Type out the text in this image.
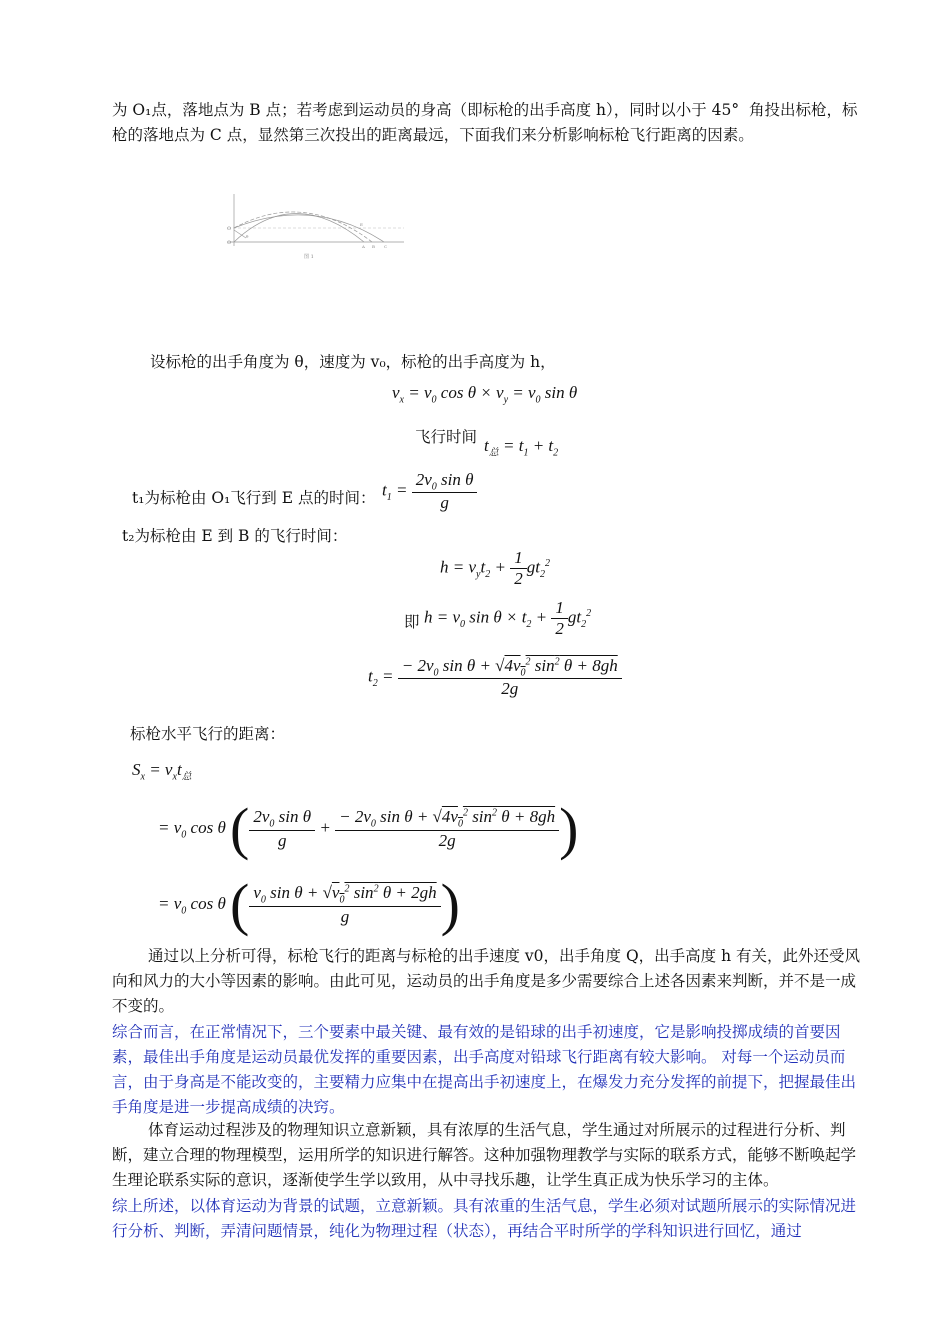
为 O₁点，落地点为 B 点；若考虑到运动员的身高（即标枪的出手高度 h），同时以小于 45°  角投出标枪，标枪的落地点为 C 点，显然第三次投出的距离最远，下面我们来分析影响标枪飞行距离的因素。

O
O
θ
E
A B C
图 1
设标枪的出手角度为 θ，速度为 v₀，标枪的出手高度为 h，
$v_x = v_0$ $\cos \theta \times v_y = v_0$ sin θ
飞行时间 $t_总 = t_1 + t_2$
t₁为标枪由 O₁飞行到 E 点的时间： $t_1 = \frac{2v_0 \sin \theta}{g}$
t₂为标枪由 E 到 B 的飞行时间：
$h = v_yt_2 + \frac{1}{2} gt_2^2$
即 $h = v_0$ $\sin \theta \times t_2 + \frac{1}{2} gt_2^2$
$t_2 = \frac{- 2v_0 \sin \theta + √4v_0^2 \sin^2 \theta + 8gh}{2g}$
标枪水平飞行的距离：
$S_x = v_xt_总$
= $v_0$ cos θ ( $\frac{2v_0 \sin \theta}{g} + \frac{- 2v_0 \sin \theta + √4v_0^2 \sin^2 \theta + 8gh}{2g}$ )
= $v_0$ cos θ ( $\frac{v_0 \sin \theta + √v_0^2 \sin^2 \theta + 2gh}{g}$ )

通过以上分析可得，标枪飞行的距离与标枪的出手速度 v0，出手角度 Q，出手高度 h 有关，此外还受风向和风力的大小等因素的影响。由此可见，运动员的出手角度是多少需要综合上述各因素来判断，并不是一成不变的。

综合而言，在正常情况下，三个要素中最关键、最有效的是铅球的出手初速度，它是影响投掷成绩的首要因素，最佳出手角度是运动员最优发挥的重要因素，出手高度对铅球飞行距离有较大影响。 对每一个运动员而言，由于身高是不能改变的，主要精力应集中在提高出手初速度上，在爆发力充分发挥的前提下，把握最佳出手角度是进一步提高成绩的决窍。

体育运动过程涉及的物理知识立意新颖，具有浓厚的生活气息，学生通过对所展示的过程进行分析、判断，建立合理的物理模型，运用所学的知识进行解答。这种加强物理教学与实际的联系方式，能够不断唤起学生理论联系实际的意识，逐渐使学生学以致用，从中寻找乐趣，让学生真正成为快乐学习的主体。

综上所述，以体育运动为背景的试题，立意新颖。具有浓重的生活气息，学生必须对试题所展示的实际情况进行分析、判断，弄清问题情景，纯化为物理过程（状态），再结合平时所学的学科知识进行回忆，通过
